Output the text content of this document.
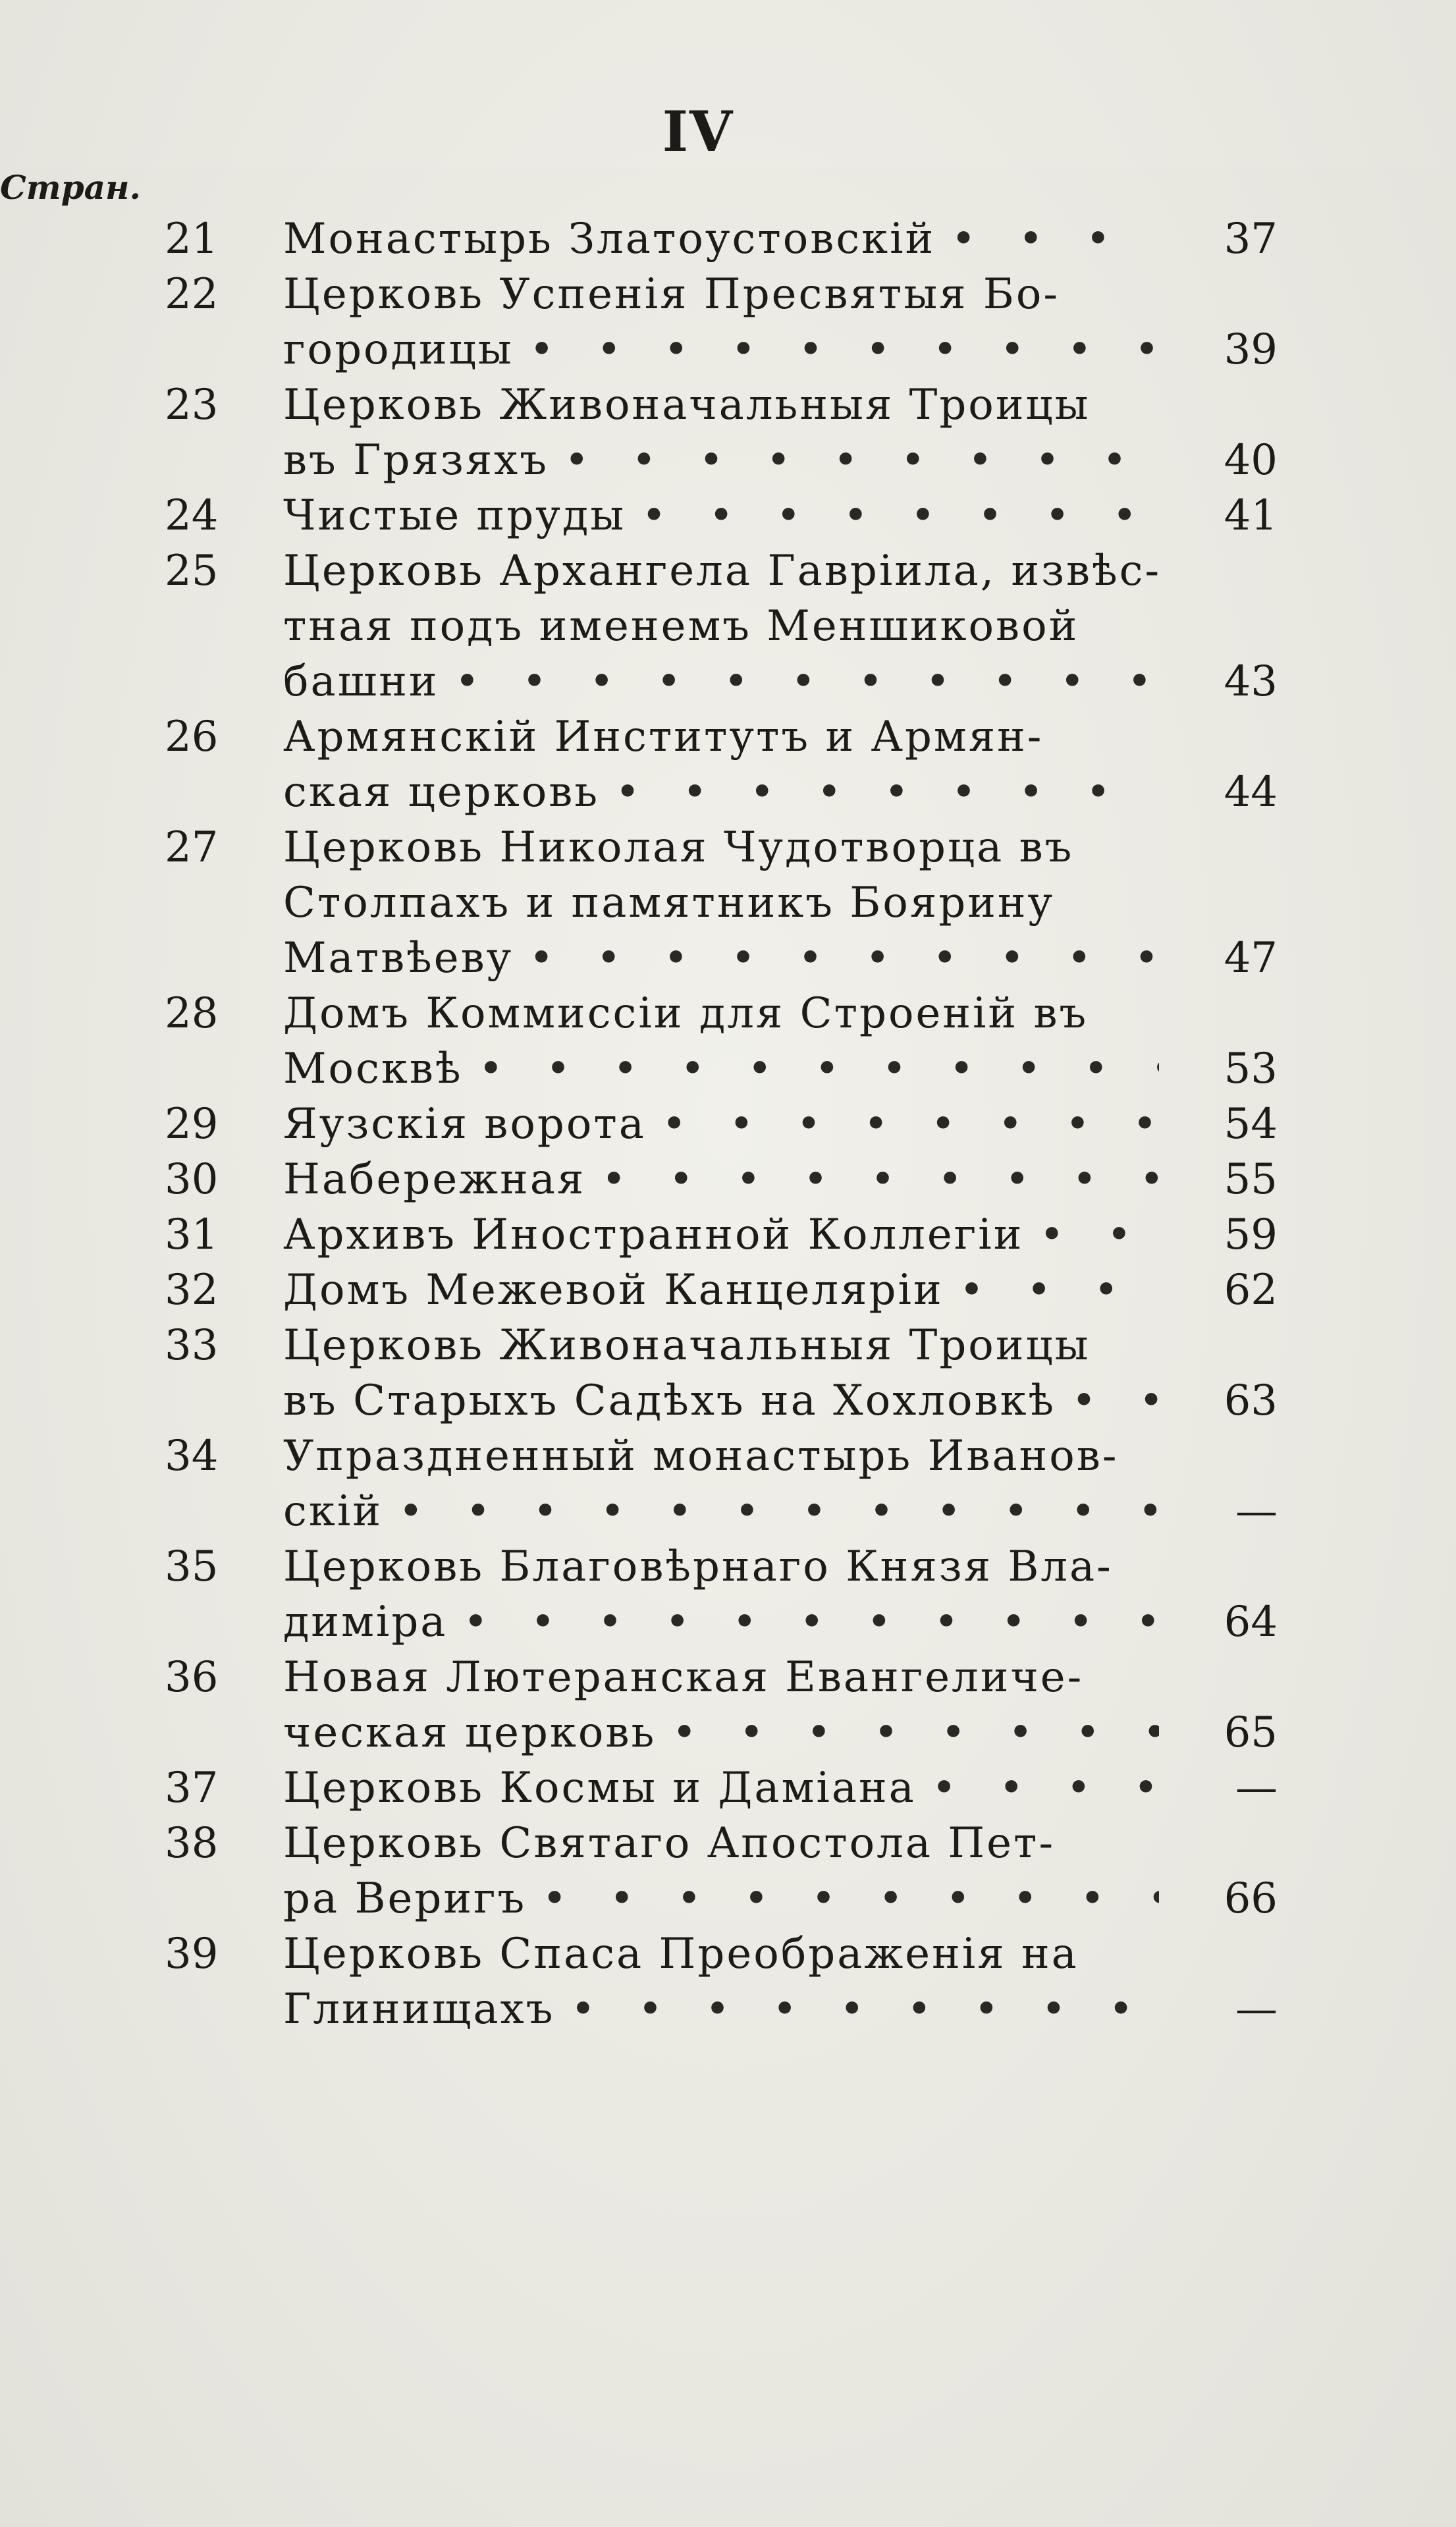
IV
Стран.
21	Монастырь Златоустовскій • • •	37
22	Церковь Успенія Пресвятыя Бо-
городицы • • •	39
23	Церковь Живоначальныя Троицы
въ Грязяхъ • • •	40
24	Чистые пруды • • •	41
25	Церковь Архангела Гавріила, извѣс-
тная подъ именемъ Меншиковой
башни • • •	43
26	Армянскій Институтъ и Армян-
ская церковь • • •	44
27	Церковь Николая Чудотворца въ
Столпахъ и памятникъ Боярину
Матвѣеву • • •	47
28	Домъ Коммиссіи для Строеній въ
Москвѣ • • •	53
29	Яузскія ворота • • •	54
30	Набережная • • •	55
31	Архивъ Иностранной Коллегіи • • •	59
32	Домъ Межевой Канцеляріи • • •	62
33	Церковь Живоначальныя Троицы
въ Старыхъ Садѣхъ на Хохловкѣ • • •	63
34	Упраздненный монастырь Иванов-
скій • • •	—
35	Церковь Благовѣрнаго Князя Вла-
диміра • • •	64
36	Новая Лютеранская Евангеличе-
ческая церковь • • •	65
37	Церковь Космы и Даміана • • •	—
38	Церковь Святаго Апостола Пет-
ра Веригъ • • •	66
39	Церковь Спаса Преображенія на
Глинищахъ • • •	—
